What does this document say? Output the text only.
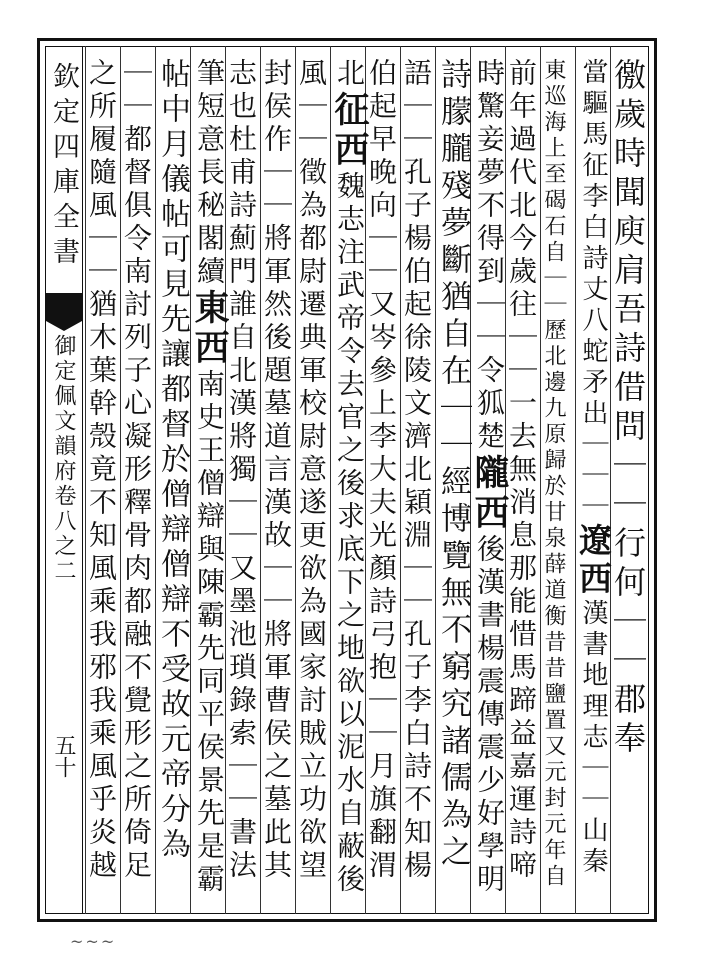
欽定四庫全書
御定佩文韻府卷八之二
五十
~~~
徼歲時聞庾肩吾詩借問｜｜行何｜｜郡奉
當驅馬征李白詩丈八蛇矛出｜｜｜遼西漢書地理志｜｜山秦
東巡海上至碣石自｜｜歷北邊九原歸於甘泉薛道衡昔昔鹽置又元封元年自
前年過代北今歲往｜｜一去無消息那能惜馬蹄益嘉運詩啼
時驚妾夢不得到｜｜令狐楚隴西後漢書楊震傳震少好學明
詩朦朧殘夢斷猶自在｜｜經博覽無不窮究諸儒為之
語｜｜孔子楊伯起徐陵文濟北穎淵｜｜孔子李白詩不知楊
伯起早晚向｜｜又岑參上李大夫光顏詩弓抱｜｜月旗翻渭
北征西魏志注武帝令去官之後求底下之地欲以泥水自蔽後
風｜｜徵為都尉遷典軍校尉意遂更欲為國家討賊立功欲望
封侯作｜｜將軍然後題墓道言漢故｜｜將軍曹侯之墓此其
志也杜甫詩薊門誰自北漢將獨｜｜又墨池瑣錄索｜｜書法
筆短意長秘閣續東西南史王僧辯與陳霸先同平侯景先是霸
帖中月儀帖可見先讓都督於僧辯僧辯不受故元帝分為
｜｜都督俱令南討列子心凝形釋骨肉都融不覺形之所倚足
之所履隨風｜｜猶木葉幹殼竟不知風乘我邪我乘風乎炎越
